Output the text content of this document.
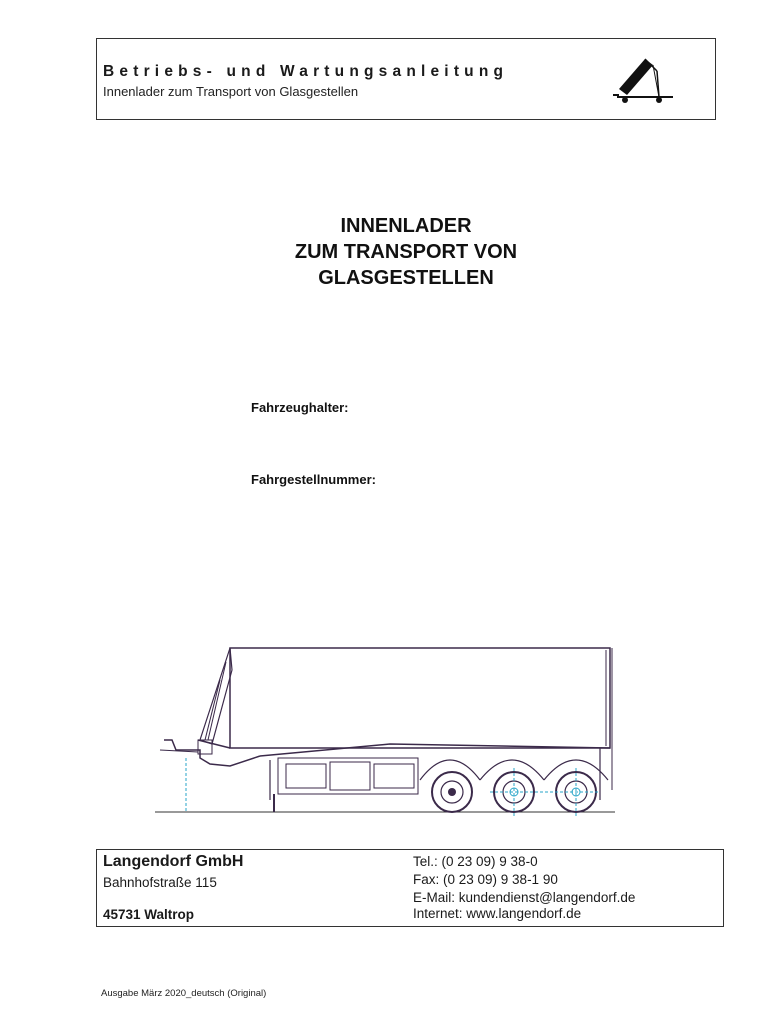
Betriebs- und Wartungsanleitung
Innenlader zum Transport von Glasgestellen
INNENLADER
ZUM TRANSPORT VON
GLASGESTELLEN
Fahrzeughalter:
Fahrgestellnummer:
Langendorf GmbH
Bahnhofstraße 115
45731 Waltrop
Tel.: (0 23 09) 9 38-0
Fax: (0 23 09) 9 38-1 90
E-Mail: kundendienst@langendorf.de
Internet: www.langendorf.de
Ausgabe März 2020_deutsch (Original)
